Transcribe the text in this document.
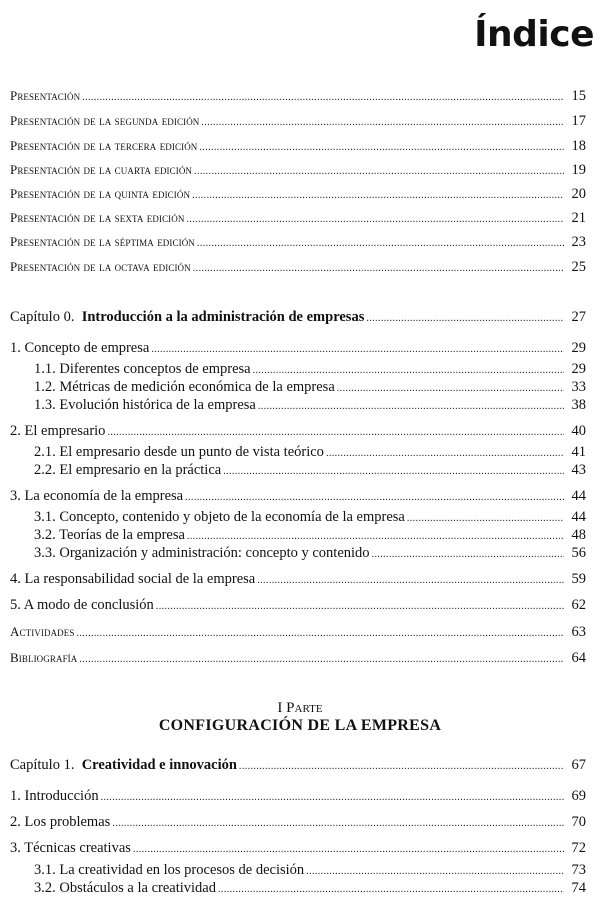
Índice
Presentación .....	15
Presentación de la segunda edición .....	17
Presentación de la tercera edición .....	18
Presentación de la cuarta edición .....	19
Presentación de la quinta edición .....	20
Presentación de la sexta edición .....	21
Presentación de la séptima edición .....	23
Presentación de la octava edición .....	25
Capítulo 0. Introducción a la administración de empresas .....	27
1. Concepto de empresa .....	29
1.1. Diferentes conceptos de empresa .....	29
1.2. Métricas de medición económica de la empresa .....	33
1.3. Evolución histórica de la empresa .....	38
2. El empresario .....	40
2.1. El empresario desde un punto de vista teórico .....	41
2.2. El empresario en la práctica .....	43
3. La economía de la empresa .....	44
3.1. Concepto, contenido y objeto de la economía de la empresa .....	44
3.2. Teorías de la empresa .....	48
3.3. Organización y administración: concepto y contenido .....	56
4. La responsabilidad social de la empresa .....	59
5. A modo de conclusión .....	62
Actividades .....	63
Bibliografía .....	64
I Parte
CONFIGURACIÓN DE LA EMPRESA
Capítulo 1. Creatividad e innovación .....	67
1. Introducción .....	69
2. Los problemas .....	70
3. Técnicas creativas .....	72
3.1. La creatividad en los procesos de decisión .....	73
3.2. Obstáculos a la creatividad .....	74
